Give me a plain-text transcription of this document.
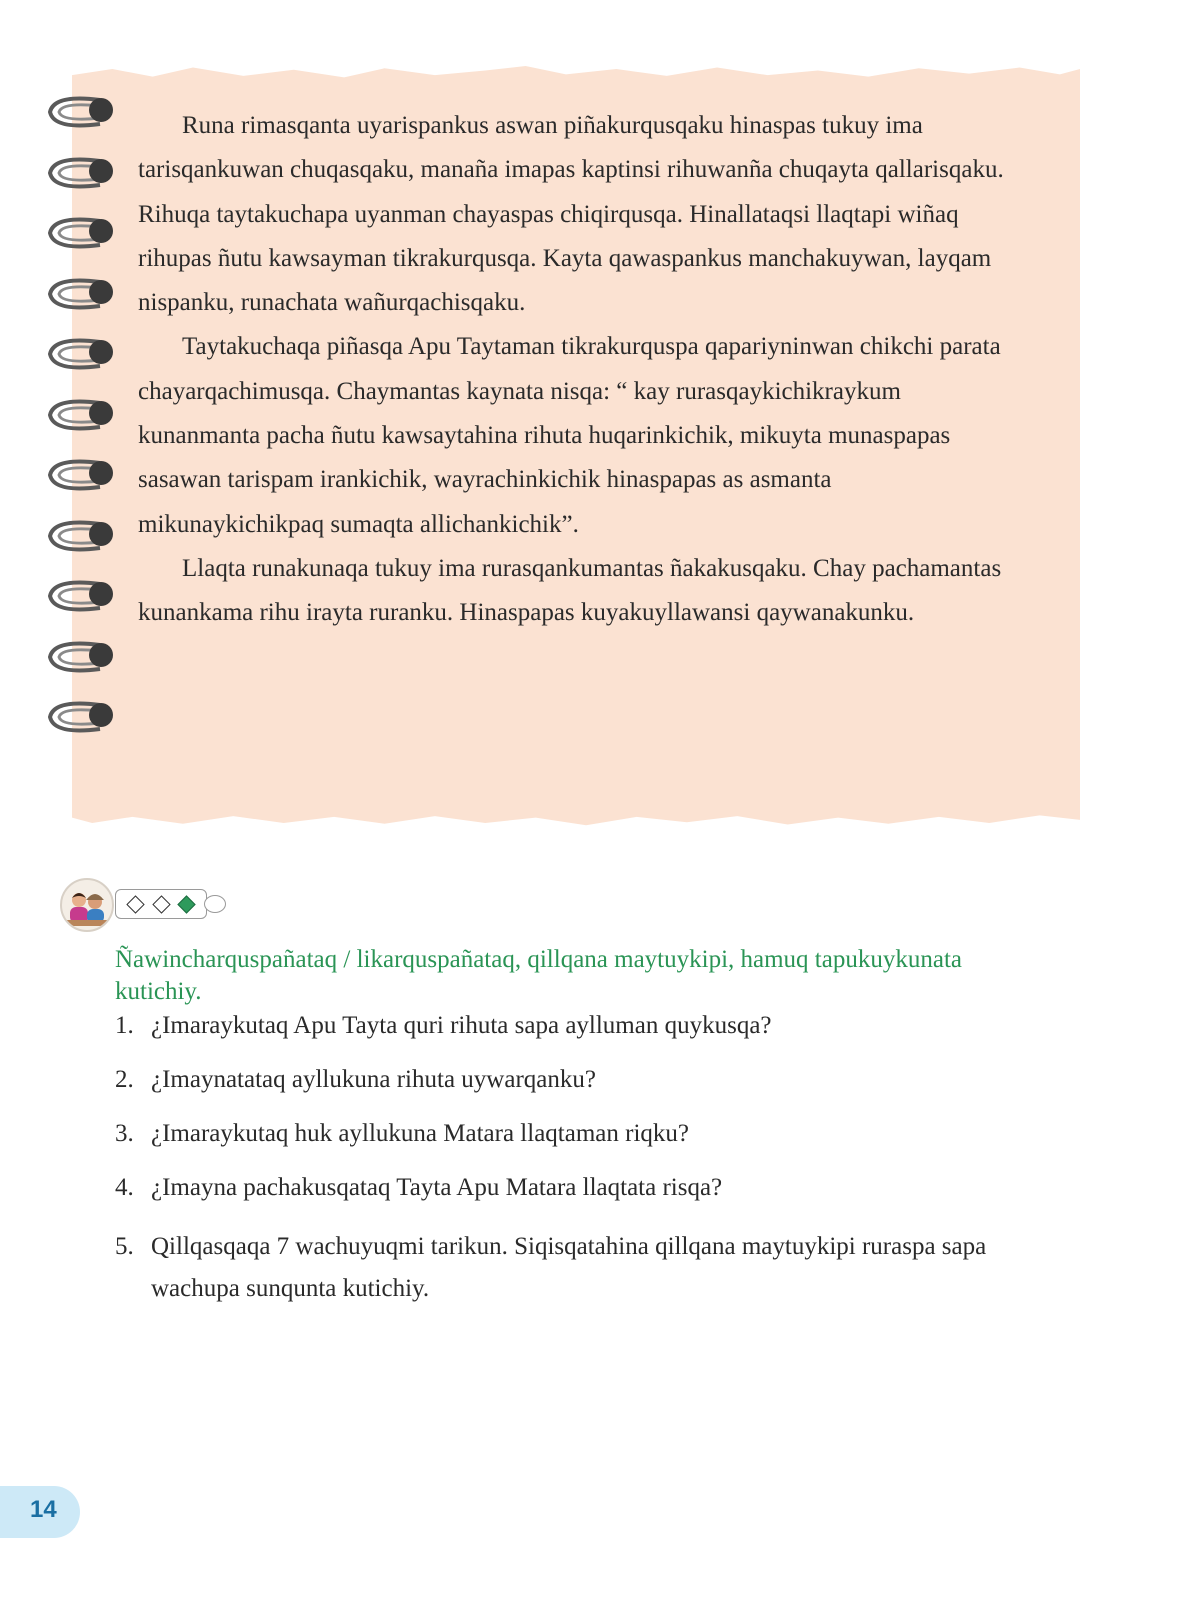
Runa rimasqanta uyarispankus aswan piñakurqusqaku hinaspas tukuy ima tarisqankuwan chuqasqaku, manaña imapas kaptinsi rihuwanña chuqayta qallarisqaku. Rihuqa taytakuchapa uyanman chayaspas chiqirqusqa. Hinallataqsi llaqtapi wiñaq rihupas ñutu kawsayman tikrakurqusqa. Kayta qawaspankus manchakuywan, layqam nispanku, runachata wañurqachisqaku.

Taytakuchaqa piñasqa Apu Taytaman tikrakurquspa qapariyninwan chikchi parata chayarqachimusqa. Chaymantas kaynata nisqa: “ kay rurasqaykichikraykum kunanmanta pacha ñutu kawsaytahina rihuta huqarinkichik, mikuyta munaspapas sasawan tarispam irankichik, wayrachinkichik hinaspapas as asmanta mikunaykichikpaq sumaqta allichankichik”.

Llaqta runakunaqa tukuy ima rurasqankumantas ñakakusqaku. Chay pachamantas kunankama rihu irayta ruranku. Hinaspapas kuyakuyllawansi qaywanakunku.

Ñawincharquspañataq / likarquspañataq, qillqana maytuykipi, hamuq tapukuykunata kutichiy.
1. ¿Imaraykutaq Apu Tayta quri rihuta sapa aylluman quykusqa?
2. ¿Imaynatataq ayllukuna rihuta uywarqanku?
3. ¿Imaraykutaq huk ayllukuna Matara llaqtaman riqku?
4. ¿Imayna pachakusqataq Tayta Apu Matara llaqtata risqa?
5. Qillqasqaqa 7 wachuyuqmi tarikun. Siqisqatahina qillqana maytuykipi ruraspa sapa wachupa sunqunta kutichiy.
14
